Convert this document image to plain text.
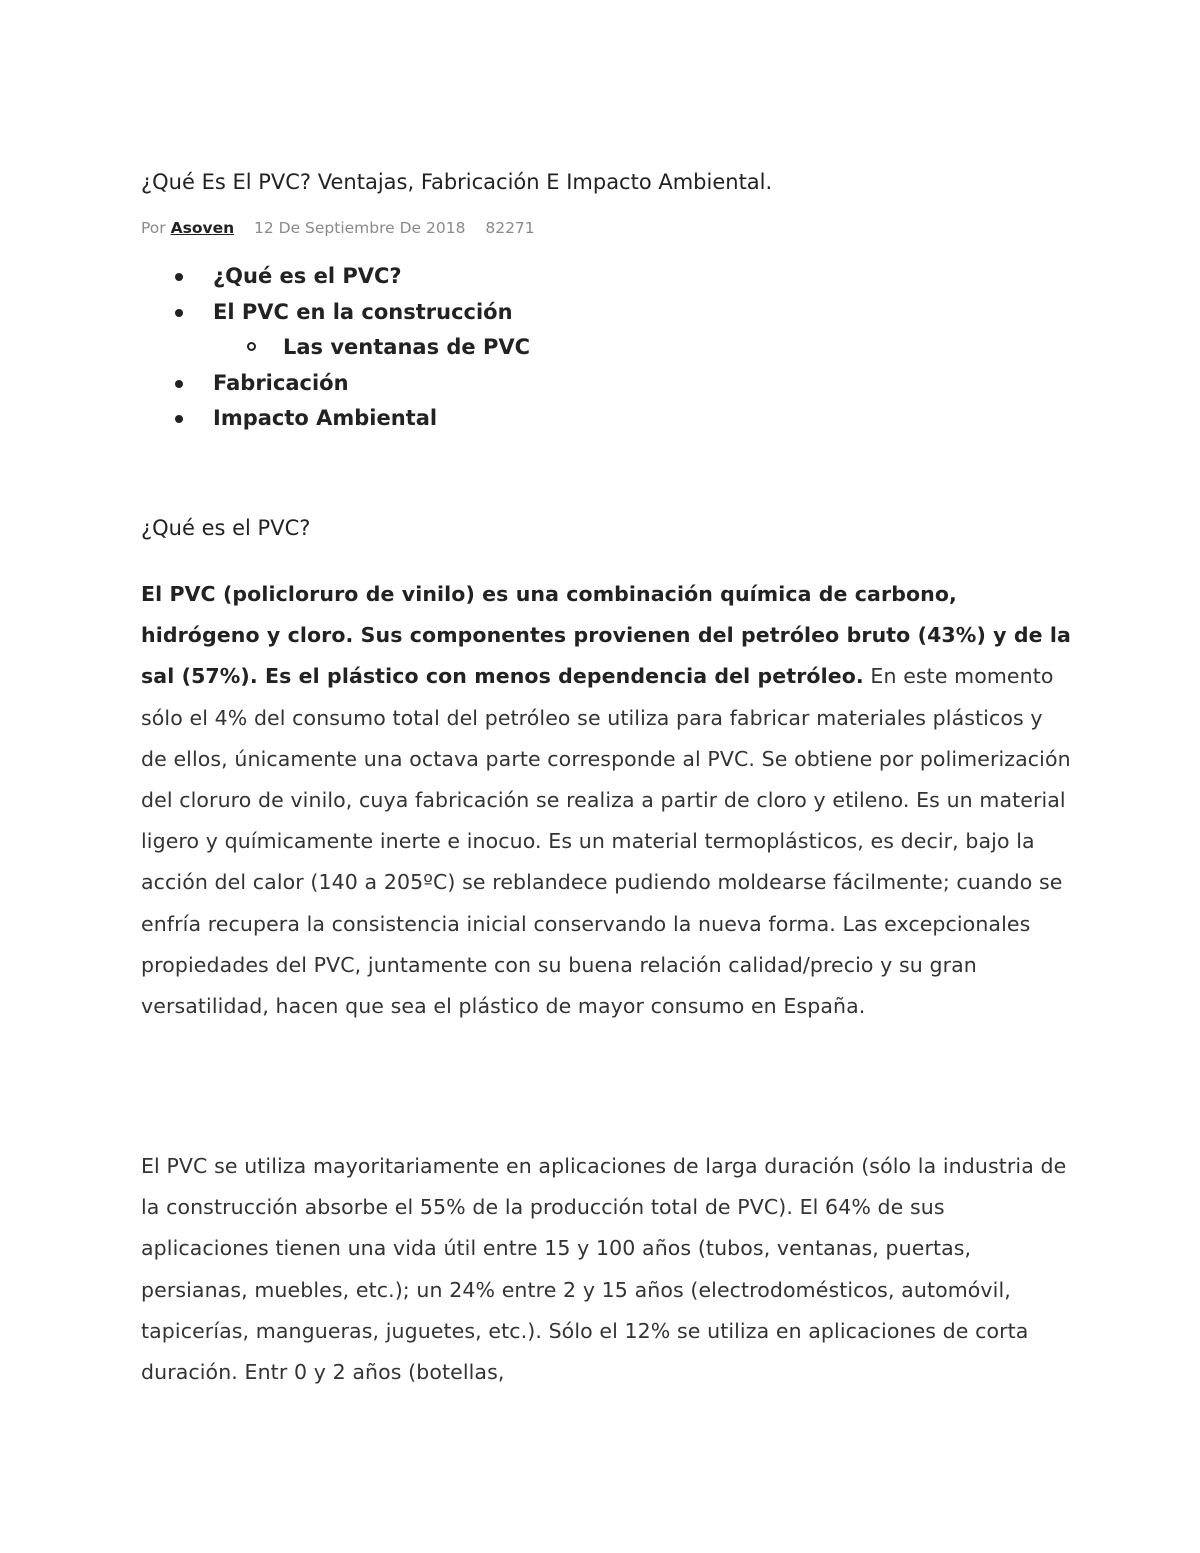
¿Qué Es El PVC? Ventajas, Fabricación E Impacto Ambiental.
Por Asoven 12 De Septiembre De 2018 82271
¿Qué es el PVC?
El PVC en la construcción
Las ventanas de PVC
Fabricación
Impacto Ambiental
¿Qué es el PVC?

El PVC (policloruro de vinilo) es una combinación química de carbono, hidrógeno y cloro. Sus componentes provienen del petróleo bruto (43%) y de la sal (57%). Es el plástico con menos dependencia del petróleo. En este momento sólo el 4% del consumo total del petróleo se utiliza para fabricar materiales plásticos y de ellos, únicamente una octava parte corresponde al PVC. Se obtiene por polimerización del cloruro de vinilo, cuya fabricación se realiza a partir de cloro y etileno. Es un material ligero y químicamente inerte e inocuo. Es un material termoplásticos, es decir, bajo la acción del calor (140 a 205ºC) se reblandece pudiendo moldearse fácilmente; cuando se enfría recupera la consistencia inicial conservando la nueva forma. Las excepcionales propiedades del PVC, juntamente con su buena relación calidad/precio y su gran versatilidad, hacen que sea el plástico de mayor consumo en España.

El PVC se utiliza mayoritariamente en aplicaciones de larga duración (sólo la industria de la construcción absorbe el 55% de la producción total de PVC). El 64% de sus aplicaciones tienen una vida útil entre 15 y 100 años (tubos, ventanas, puertas, persianas, muebles, etc.); un 24% entre 2 y 15 años (electrodomésticos, automóvil, tapicerías, mangueras, juguetes, etc.). Sólo el 12% se utiliza en aplicaciones de corta duración. Entr 0 y 2 años (botellas,
